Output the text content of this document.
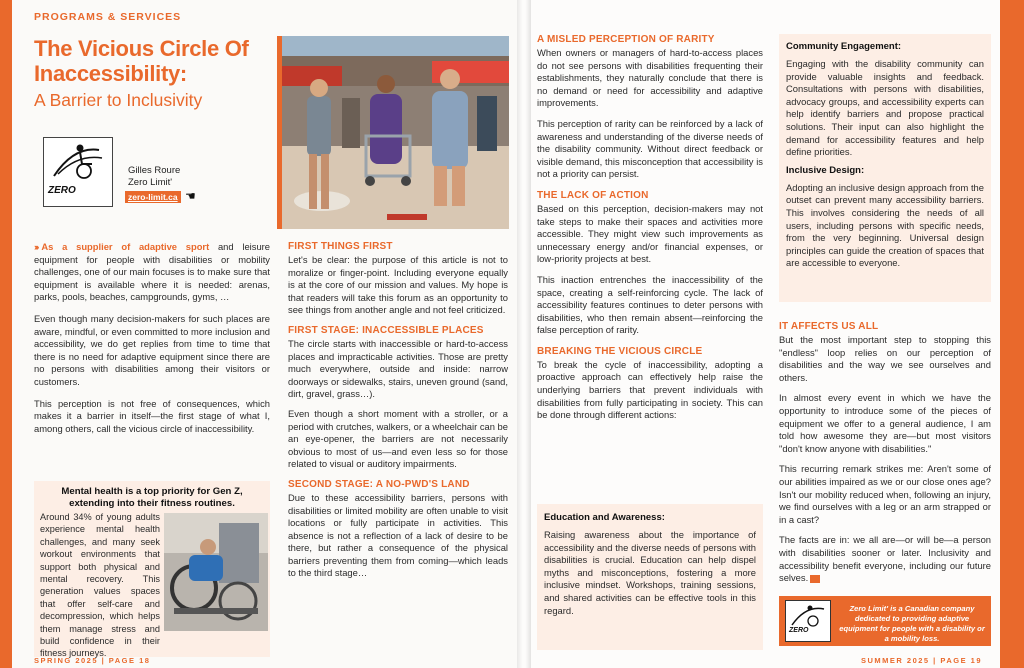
PROGRAMS & SERVICES
The Vicious Circle Of Inaccessibility:
A Barrier to Inclusivity
ZERO
Gilles Roure
Zero Limit'
zero-limit.ca ☚

››› As a supplier of adaptive sport and leisure equipment for people with disabilities or mobility challenges, one of our main focuses is to make sure that equipment is available where it is needed: arenas, parks, pools, beaches, campgrounds, gyms, …

Even though many decision-makers for such places are aware, mindful, or even committed to more inclusion and accessibility, we do get replies from time to time that there is no need for adaptive equipment since there are no persons with disabilities among their visitors or customers.

This perception is not free of consequences, which makes it a barrier in itself—the first stage of what I, among others, call the vicious circle of inaccessibility.

Mental health is a top priority for Gen Z, extending into their fitness routines.
Around 34% of young adults experience mental health challenges, and many seek workout environments that support both physical and mental recovery. This generation values spaces that offer self-care and decompression, which helps them manage stress and build confidence in their fitness journeys.
FIRST THINGS FIRST

Let's be clear: the purpose of this article is not to moralize or finger-point. Including everyone equally is at the core of our mission and values. My hope is that readers will take this forum as an opportunity to see things from another angle and not feel criticized.

FIRST STAGE: INACCESSIBLE PLACES

The circle starts with inaccessible or hard-to-access places and impracticable activities. Those are pretty much everywhere, outside and inside: narrow doorways or sidewalks, stairs, uneven ground (sand, dirt, gravel, grass…).

Even though a short moment with a stroller, or a period with crutches, walkers, or a wheelchair can be an eye-opener, the barriers are not necessarily obvious to most of us—and even less so for those related to visual or auditory impairments.

SECOND STAGE: A NO-PWD'S LAND

Due to these accessibility barriers, persons with disabilities or limited mobility are often unable to visit locations or fully participate in activities. This absence is not a reflection of a lack of desire to be there, but rather a consequence of the physical barriers preventing them from coming—which leads to the third stage…

SPRING 2025 | PAGE 18
A MISLED PERCEPTION OF RARITY

When owners or managers of hard-to-access places do not see persons with disabilities frequenting their establishments, they naturally conclude that there is no demand or need for accessibility and adaptive improvements.

This perception of rarity can be reinforced by a lack of awareness and understanding of the diverse needs of the disability community. Without direct feedback or visible demand, this misconception that accessibility is not a priority can persist.

THE LACK OF ACTION

Based on this perception, decision-makers may not take steps to make their spaces and activities more accessible. They might view such improvements as unnecessary energy and/or financial expenses, or low-priority projects at best.

This inaction entrenches the inaccessibility of the space, creating a self-reinforcing cycle. The lack of accessibility features continues to deter persons with disabilities, who then remain absent—reinforcing the false perception of rarity.

BREAKING THE VICIOUS CIRCLE

To break the cycle of inaccessibility, adopting a proactive approach can effectively help raise the underlying barriers that prevent individuals with disabilities from fully participating in society. This can be done through different actions:

Education and Awareness:

Raising awareness about the importance of accessibility and the diverse needs of persons with disabilities is crucial. Education can help dispel myths and misconceptions, fostering a more inclusive mindset. Workshops, training sessions, and shared activities can be effective tools in this regard.

Community Engagement:

Engaging with the disability community can provide valuable insights and feedback. Consultations with persons with disabilities, advocacy groups, and accessibility experts can help identify barriers and propose practical solutions. Their input can also highlight the demand for accessibility features and help define priorities.

Inclusive Design:

Adopting an inclusive design approach from the outset can prevent many accessibility barriers. This involves considering the needs of all users, including persons with specific needs, from the very beginning. Universal design principles can guide the creation of spaces that are accessible to everyone.

IT AFFECTS US ALL

But the most important step to stopping this "endless" loop relies on our perception of disabilities and the way we see ourselves and others.

In almost every event in which we have the opportunity to introduce some of the pieces of equipment we offer to a general audience, I am told how awesome they are—but most visitors "don't know anyone with disabilities."

This recurring remark strikes me: Aren't some of our abilities impaired as we or our close ones age? Isn't our mobility reduced when, following an injury, we find ourselves with a leg or an arm strapped or in a cast?

The facts are in: we all are—or will be—a person with disabilities sooner or later. Inclusivity and accessibility benefit everyone, including our future selves.

ZERO
Zero Limit' is a Canadian company dedicated to providing adaptive equipment for people with a disability or a mobility loss.
SUMMER 2025 | PAGE 19
